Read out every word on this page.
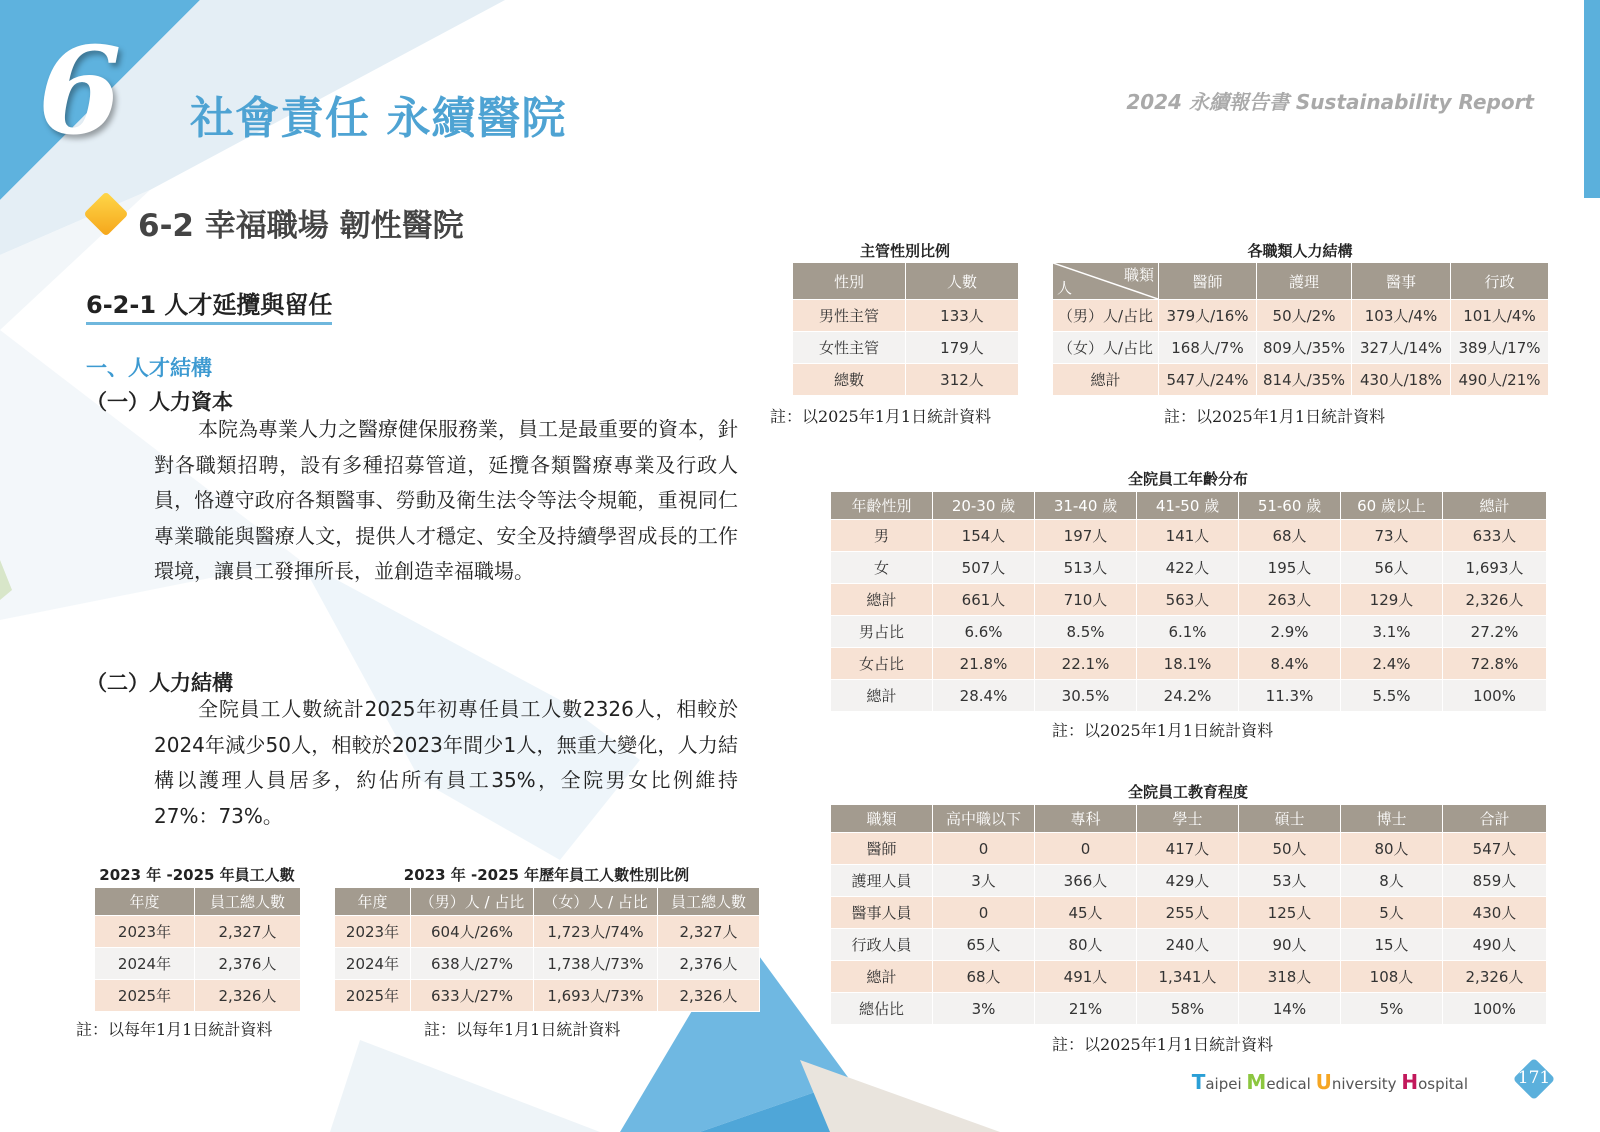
6 社會責任 永續醫院	2024 永續報告書 Sustainability Report
6-2 幸福職場 韌性醫院
6-2-1 人才延攬與留任
一、人才結構
（一）人力資本
本院為專業人力之醫療健保服務業，員工是最重要的資本，針對各職類招聘，設有多種招募管道，延攬各類醫療專業及行政人員，恪遵守政府各類醫事、勞動及衛生法令等法令規範，重視同仁專業職能與醫療人文，提供人才穩定、安全及持續學習成長的工作環境，讓員工發揮所長，並創造幸福職場。
（二）人力結構
全院員工人數統計2025年初專任員工人數2326人，相較於2024年減少50人，相較於2023年間少1人，無重大變化，人力結構以護理人員居多，約佔所有員工35%，全院男女比例維持27%：73%。
2023 年 -2025 年員工人數
年度	員工總人數
2023年	2,327人
2024年	2,376人
2025年	2,326人
註：以每年1月1日統計資料
2023 年 -2025 年歷年員工人數性別比例
年度	（男）人 / 占比	（女）人 / 占比	員工總人數
2023年	604人/26%	1,723人/74%	2,327人
2024年	638人/27%	1,738人/73%	2,376人
2025年	633人/27%	1,693人/73%	2,326人
註：以每年1月1日統計資料
主管性別比例
性別	人數
男性主管	133人
女性主管	179人
總數	312人
註：以2025年1月1日統計資料
各職類人力結構
職類
人	醫師	護理	醫事	行政
（男）人/占比	379人/16%	50人/2%	103人/4%	101人/4%
（女）人/占比	168人/7%	809人/35%	327人/14%	389人/17%
總計	547人/24%	814人/35%	430人/18%	490人/21%
註：以2025年1月1日統計資料
全院員工年齡分布
年齡性別	20-30 歲	31-40 歲	41-50 歲	51-60 歲	60 歲以上	總計
男	154人	197人	141人	68人	73人	633人
女	507人	513人	422人	195人	56人	1,693人
總計	661人	710人	563人	263人	129人	2,326人
男占比	6.6%	8.5%	6.1%	2.9%	3.1%	27.2%
女占比	21.8%	22.1%	18.1%	8.4%	2.4%	72.8%
總計	28.4%	30.5%	24.2%	11.3%	5.5%	100%
註：以2025年1月1日統計資料
全院員工教育程度
職類	高中職以下	專科	學士	碩士	博士	合計
醫師	0	0	417人	50人	80人	547人
護理人員	3人	366人	429人	53人	8人	859人
醫事人員	0	45人	255人	125人	5人	430人
行政人員	65人	80人	240人	90人	15人	490人
總計	68人	491人	1,341人	318人	108人	2,326人
總佔比	3%	21%	58%	14%	5%	100%
註：以2025年1月1日統計資料
Taipei Medical University Hospital	171
